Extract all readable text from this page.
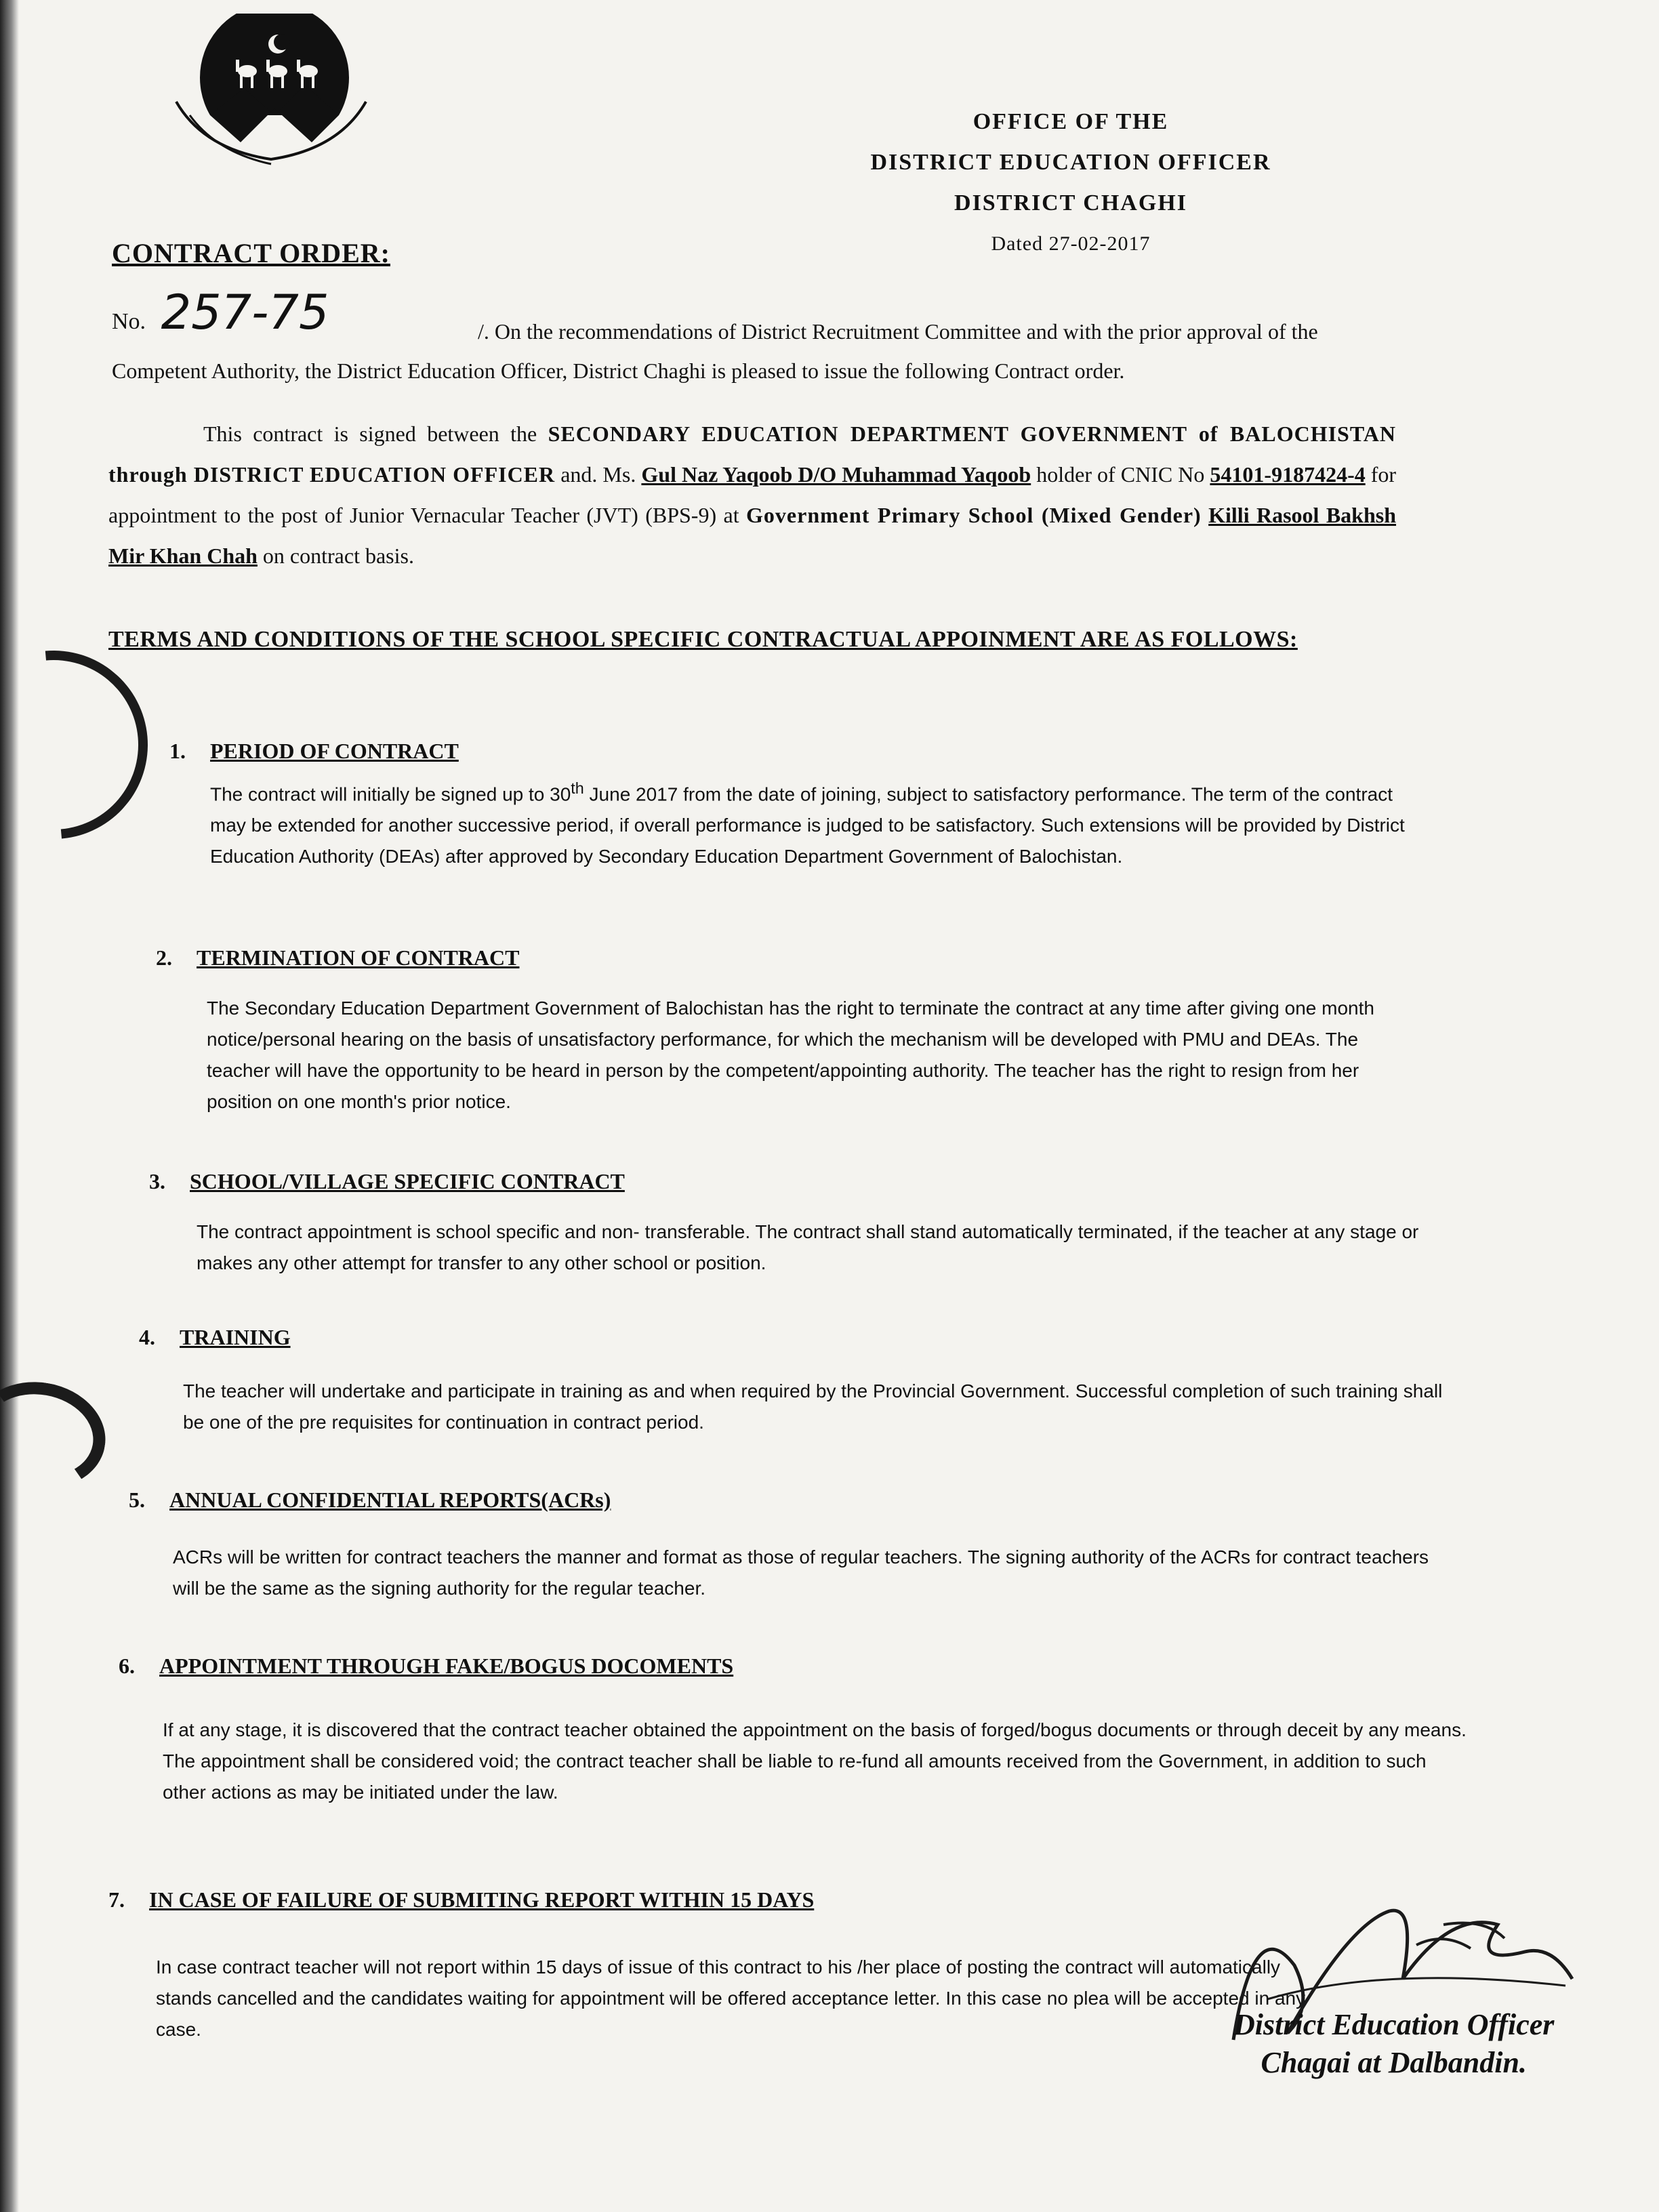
OFFICE OF THE
DISTRICT EDUCATION OFFICER
DISTRICT CHAGHI
Dated 27-02-2017
CONTRACT ORDER:
No. 257-75	/. On the recommendations of District Recruitment Committee and with the prior approval of the Competent Authority, the District Education Officer, District Chaghi is pleased to issue the following Contract order.
This contract is signed between the SECONDARY EDUCATION DEPARTMENT GOVERNMENT of BALOCHISTAN through DISTRICT EDUCATION OFFICER and. Ms. Gul Naz Yaqoob D/O Muhammad Yaqoob holder of CNIC No 54101-9187424-4 for appointment to the post of Junior Vernacular Teacher (JVT) (BPS-9) at Government Primary School (Mixed Gender) Killi Rasool Bakhsh Mir Khan Chah on contract basis.
TERMS AND CONDITIONS OF THE SCHOOL SPECIFIC CONTRACTUAL APPOINMENT ARE AS FOLLOWS:
1. PERIOD OF CONTRACT
The contract will initially be signed up to 30th June 2017 from the date of joining, subject to satisfactory performance. The term of the contract may be extended for another successive period, if overall performance is judged to be satisfactory. Such extensions will be provided by District Education Authority (DEAs) after approved by Secondary Education Department Government of Balochistan.
2. TERMINATION OF CONTRACT
The Secondary Education Department Government of Balochistan has the right to terminate the contract at any time after giving one month notice/personal hearing on the basis of unsatisfactory performance, for which the mechanism will be developed with PMU and DEAs. The teacher will have the opportunity to be heard in person by the competent/appointing authority. The teacher has the right to resign from her position on one month's prior notice.
3. SCHOOL/VILLAGE SPECIFIC CONTRACT
The contract appointment is school specific and non- transferable. The contract shall stand automatically terminated, if the teacher at any stage or makes any other attempt for transfer to any other school or position.
4. TRAINING
The teacher will undertake and participate in training as and when required by the Provincial Government. Successful completion of such training shall be one of the pre requisites for continuation in contract period.
5. ANNUAL CONFIDENTIAL REPORTS(ACRs)
ACRs will be written for contract teachers the manner and format as those of regular teachers. The signing authority of the ACRs for contract teachers will be the same as the signing authority for the regular teacher.
6. APPOINTMENT THROUGH FAKE/BOGUS DOCOMENTS
If at any stage, it is discovered that the contract teacher obtained the appointment on the basis of forged/bogus documents or through deceit by any means. The appointment shall be considered void; the contract teacher shall be liable to re-fund all amounts received from the Government, in addition to such other actions as may be initiated under the law.
7. IN CASE OF FAILURE OF SUBMITING REPORT WITHIN 15 DAYS
In case contract teacher will not report within 15 days of issue of this contract to his /her place of posting the contract will automatically stands cancelled and the candidates waiting for appointment will be offered acceptance letter. In this case no plea will be accepted in any case.	District Education Officer
Chagai at Dalbandin.
